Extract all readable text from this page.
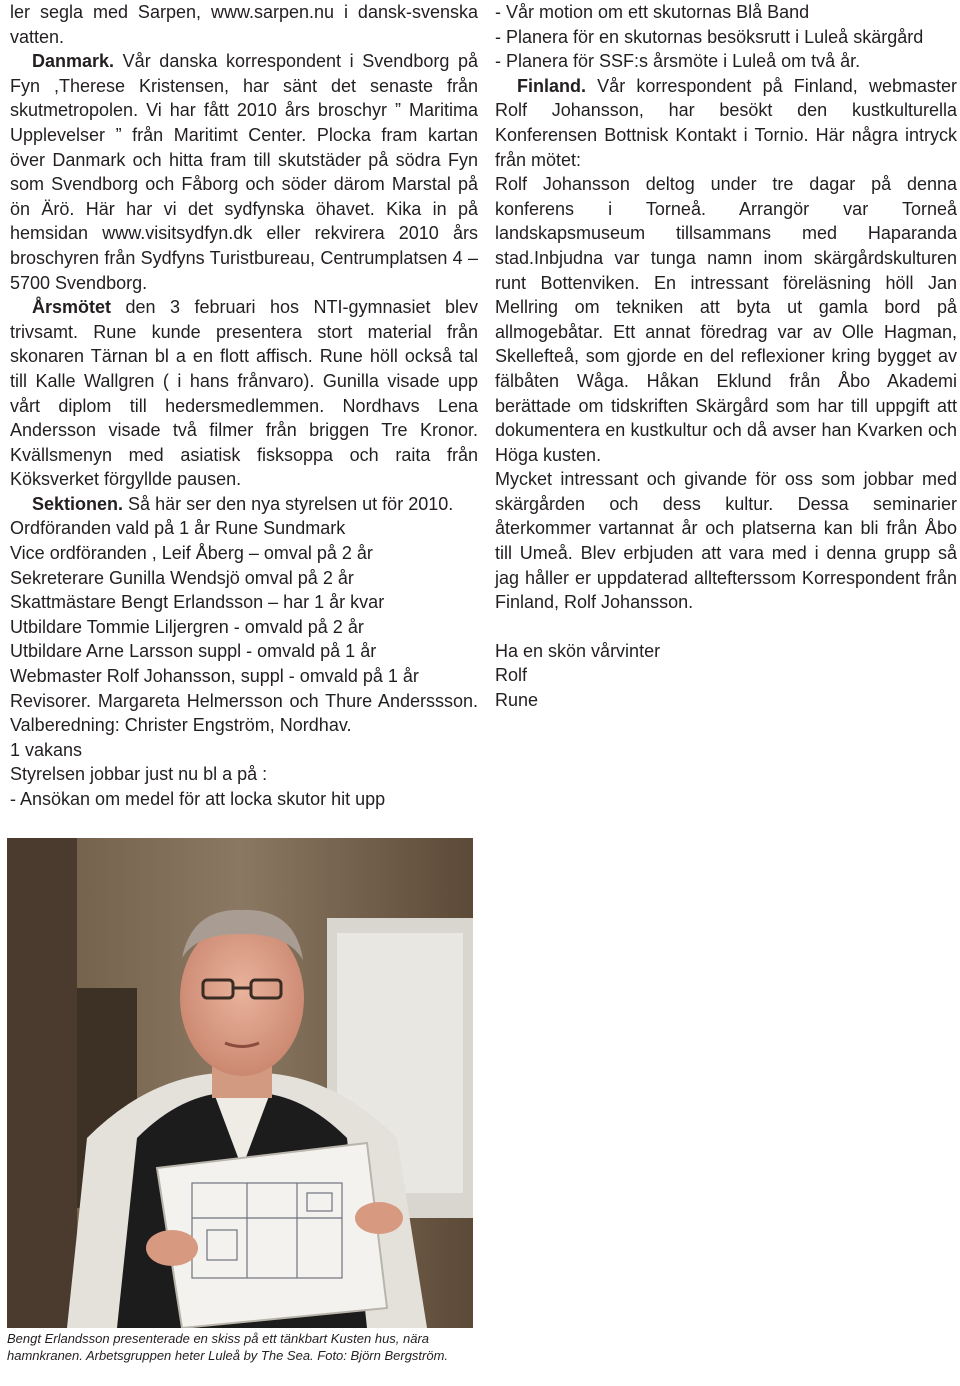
ler segla med Sarpen, www.sarpen.nu i dansk-svenska vatten.

Danmark. Vår danska korrespondent i Svendborg på Fyn ,Therese Kristensen, har sänt det senaste från skutmetropolen. Vi har fått 2010 års broschyr ” Maritima Upplevelser ” från Maritimt Center. Plocka fram kartan över Danmark och hitta fram till skutstäder på södra Fyn som Svendborg och Fåborg och söder därom Marstal på ön Ärö. Här har vi det sydfynska öhavet. Kika in på hemsidan www.visitsydfyn.dk eller rekvirera 2010 års broschyren från Sydfyns Turistbureau, Centrumplatsen 4 – 5700 Svendborg.

Årsmötet den 3 februari hos NTI-gymnasiet blev trivsamt. Rune kunde presentera stort material från skonaren Tärnan bl a en flott affisch. Rune höll också tal till Kalle Wallgren ( i hans frånvaro). Gunilla visade upp vårt diplom till hedersmedlemmen. Nordhavs Lena Andersson visade två filmer från briggen Tre Kronor. Kvällsmenyn med asiatisk fisksoppa och raita från Köksverket förgyllde pausen.

Sektionen. Så här ser den nya styrelsen ut för 2010.

Ordföranden vald på 1 år Rune Sundmark

Vice ordföranden , Leif Åberg – omval på 2 år

Sekreterare Gunilla Wendsjö omval på 2 år

Skattmästare Bengt Erlandsson – har 1 år kvar

Utbildare Tommie Liljergren - omvald på 2 år

Utbildare Arne Larsson suppl - omvald på 1 år

Webmaster Rolf Johansson, suppl - omvald på 1 år

Revisorer. Margareta Helmersson och Thure Anderssson. Valberedning: Christer Engström, Nordhav.

1 vakans

Styrelsen jobbar just nu bl a på :

- Ansökan om medel för att locka skutor hit upp

- Vår motion om ett skutornas Blå Band

- Planera för en skutornas besöksrutt i Luleå skärgård

- Planera för SSF:s årsmöte i Luleå om två år.

Finland. Vår korrespondent på Finland, webmaster Rolf Johansson, har besökt den kustkulturella Konferensen Bottnisk Kontakt i Tornio. Här några intryck från mötet:

Rolf Johansson deltog under tre dagar på denna konferens i Torneå. Arrangör var Torneå landskapsmuseum tillsammans med Haparanda stad.Inbjudna var tunga namn inom skärgårdskulturen runt Bottenviken. En intressant föreläsning höll Jan Mellring om tekniken att byta ut gamla bord på allmogebåtar. Ett annat föredrag var av Olle Hagman, Skellefteå, som gjorde en del reflexioner kring bygget av fälbåten Wåga. Håkan Eklund från Åbo Akademi berättade om tidskriften Skärgård som har till uppgift att dokumentera en kustkultur och då avser han Kvarken och Höga kusten.

Mycket intressant och givande för oss som jobbar med skärgården och dess kultur. Dessa seminarier återkommer vartannat år och platserna kan bli från Åbo till Umeå. Blev erbjuden att vara med i denna grupp så jag håller er uppdaterad alltefterssom Korrespondent från Finland, Rolf Johansson.

Ha en skön vårvinter

Rolf

Rune

Bengt Erlandsson presenterade en skiss på ett tänkbart Kusten hus, nära hamnkranen. Arbetsgruppen heter Luleå by The Sea. Foto: Björn Bergström.
